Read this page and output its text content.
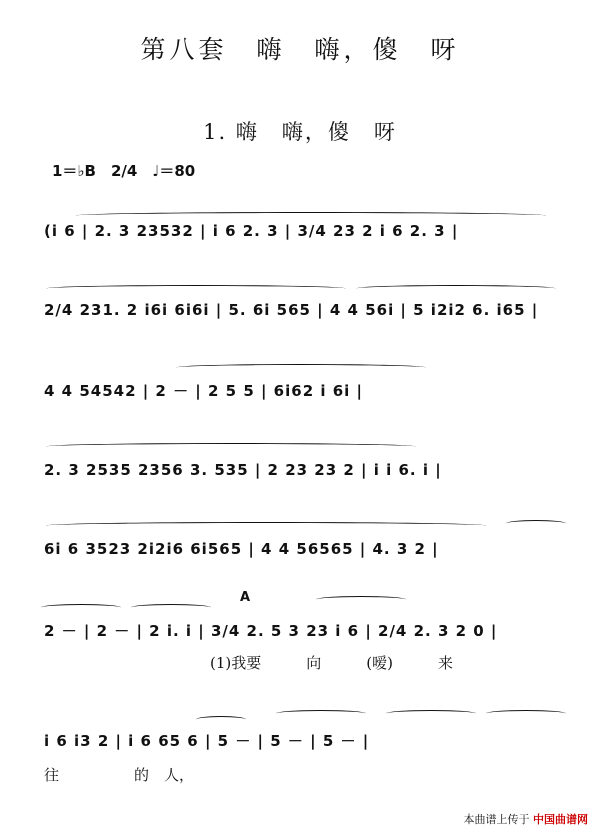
第八套　嗨　嗨，傻　呀
1. 嗨　嗨，傻　呀
1＝♭B　2/4　♩＝80
(i 6 | 2. 3 23532 | i 6 2. 3 | 3/4 23 2 i 6 2. 3 |
2/4 231. 2 i6i 6i6i | 5. 6i 565 | 4 4 56i | 5 i2i2 6. i65 |
4 4 54542 | 2 － | 2 5 5 | 6i62 i 6i |
2. 3 2535 2356 3. 535 | 2 23 23 2 | i i 6. i |
6i 6 3523 2i2i6 6i565 | 4 4 56565 | 4. 3 2 |
A
2 － | 2 － | 2 i. i | 3/4 2. 5 3 23 i 6 | 2/4 2. 3 2 0 |
(1)我要　　　向　　　(嗳)　　　来
i 6 i3 2 | i 6 65 6 | 5 － | 5 － | 5 － |
往　　　　　的　人，
本曲谱上传于 中国曲谱网
